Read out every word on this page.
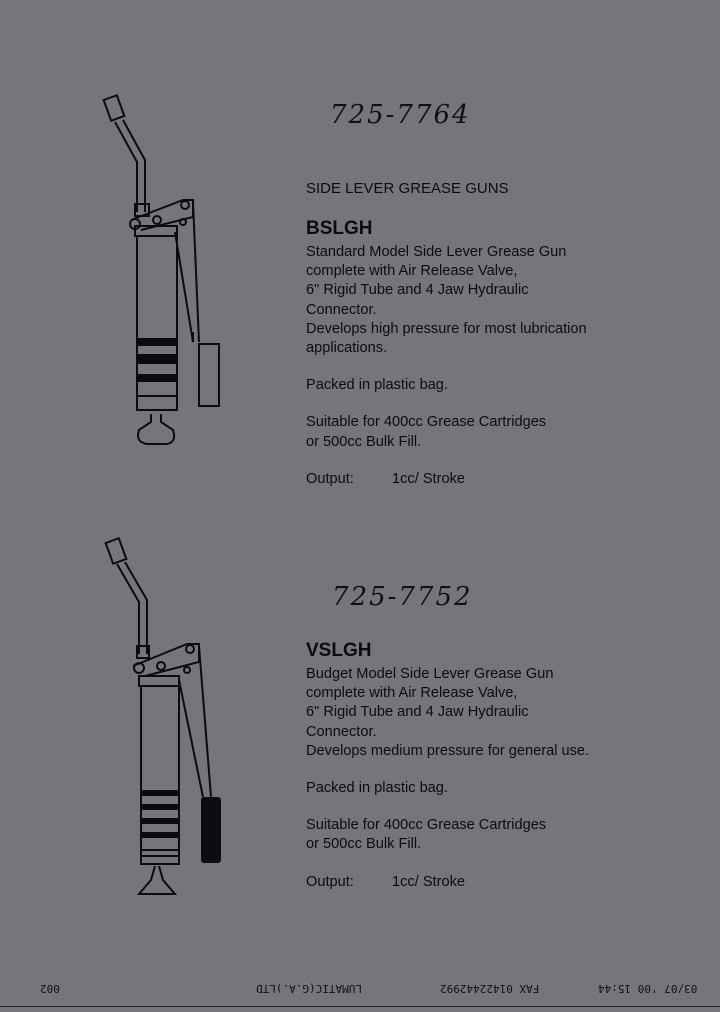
725-7764
SIDE LEVER GREASE GUNS
BSLGH

Standard Model Side Lever Grease Gun

complete with Air Release Valve,

6" Rigid Tube and 4 Jaw Hydraulic

Connector.

Develops high pressure for most lubrication

applications.

Packed in plastic bag.

Suitable for 400cc Grease Cartridges

or 500cc Bulk Fill.

Output:	1cc/ Stroke

725-7752
VSLGH

Budget Model Side Lever Grease Gun

complete with Air Release Valve,

6" Rigid Tube and 4 Jaw Hydraulic

Connector.

Develops medium pressure for general use.

Packed in plastic bag.

Suitable for 400cc Grease Cartridges

or 500cc Bulk Fill.

Output:	1cc/ Stroke

002	LUMATIC(G.A.)LTD	FAX 01422442992	03/07 '00 15:44
